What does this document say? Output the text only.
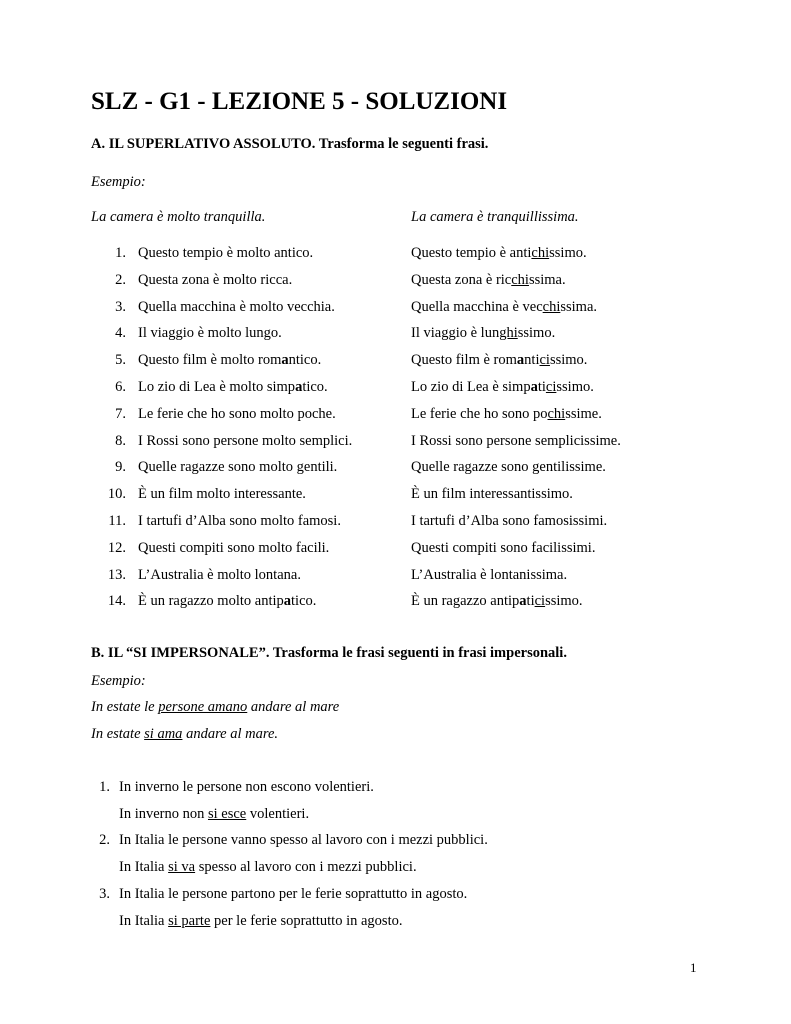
SLZ - G1 - LEZIONE 5 - SOLUZIONI

A. IL SUPERLATIVO ASSOLUTO. Trasforma le seguenti frasi.

Esempio:
La camera è molto tranquilla.	La camera è tranquillissima.
1. Questo tempio è molto antico.	Questo tempio è antichissimo.
2. Questa zona è molto ricca.	Questa zona è ricchissima.
3. Quella macchina è molto vecchia.	Quella macchina è vecchissima.
4. Il viaggio è molto lungo.	Il viaggio è lunghissimo.
5. Questo film è molto romantico.	Questo film è romanticissimo.
6. Lo zio di Lea è molto simpatico.	Lo zio di Lea è simpaticissimo.
7. Le ferie che ho sono molto poche.	Le ferie che ho sono pochissime.
8. I Rossi sono persone molto semplici.	I Rossi sono persone semplicissime.
9. Quelle ragazze sono molto gentili.	Quelle ragazze sono gentilissime.
10. È un film molto interessante.	È un film interessantissimo.
11. I tartufi d’Alba sono molto famosi.	I tartufi d’Alba sono famosissimi.
12. Questi compiti sono molto facili.	Questi compiti sono facilissimi.
13. L’Australia è molto lontana.	L’Australia è lontanissima.
14. È un ragazzo molto antipatico.	È un ragazzo antipaticissimo.

B. IL “SI IMPERSONALE”. Trasforma le frasi seguenti in frasi impersonali.

Esempio:
In estate le persone amano andare al mare
In estate si ama andare al mare.
1. In inverno le persone non escono volentieri.
In inverno non si esce volentieri.
2. In Italia le persone vanno spesso al lavoro con i mezzi pubblici.
In Italia si va spesso al lavoro con i mezzi pubblici.
3. In Italia le persone partono per le ferie soprattutto in agosto.
In Italia si parte per le ferie soprattutto in agosto.
1
